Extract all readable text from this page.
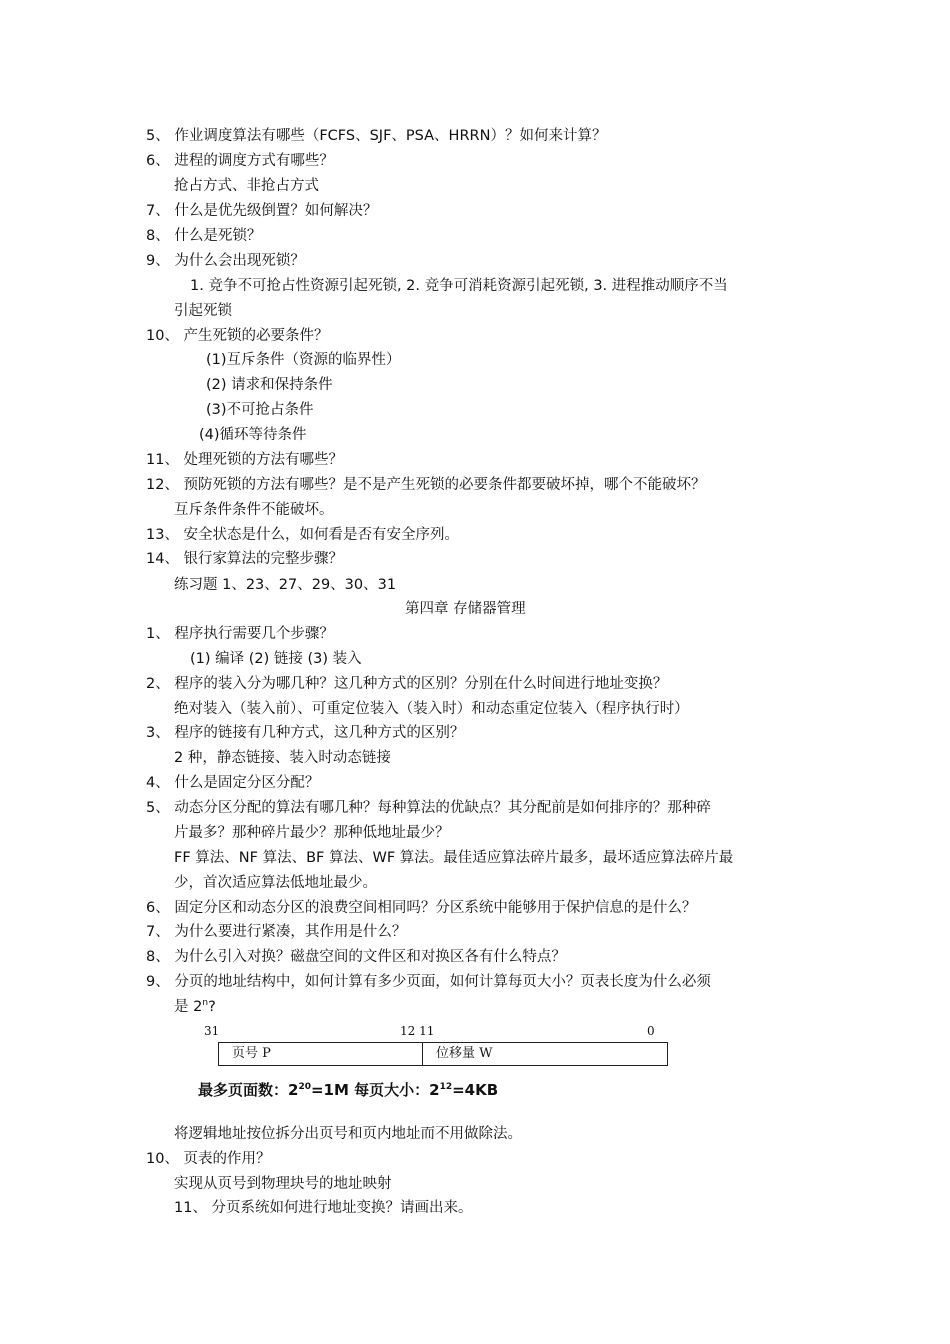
5、 作业调度算法有哪些（FCFS、SJF、PSA、HRRN）？如何来计算？
6、 进程的调度方式有哪些？
抢占方式、非抢占方式
7、 什么是优先级倒置？如何解决？
8、 什么是死锁？
9、 为什么会出现死锁？
1. 竞争不可抢占性资源引起死锁, 2. 竞争可消耗资源引起死锁, 3. 进程推动顺序不当
引起死锁
10、 产生死锁的必要条件？
(1)互斥条件（资源的临界性）
(2) 请求和保持条件
(3)不可抢占条件
(4)循环等待条件
11、 处理死锁的方法有哪些？
12、 预防死锁的方法有哪些？是不是产生死锁的必要条件都要破坏掉，哪个不能破坏？
互斥条件条件不能破坏。
13、 安全状态是什么，如何看是否有安全序列。
14、 银行家算法的完整步骤？
练习题 1、23、27、29、30、31
1、 程序执行需要几个步骤？
(1) 编译 (2) 链接 (3) 装入
2、 程序的装入分为哪几种？这几种方式的区别？分别在什么时间进行地址变换？
绝对装入（装入前）、可重定位装入（装入时）和动态重定位装入（程序执行时）
3、 程序的链接有几种方式，这几种方式的区别？
2 种，静态链接、装入时动态链接
4、 什么是固定分区分配？
5、 动态分区分配的算法有哪几种？每种算法的优缺点？其分配前是如何排序的？那种碎
片最多？那种碎片最少？那种低地址最少？
FF 算法、NF 算法、BF 算法、WF 算法。最佳适应算法碎片最多，最坏适应算法碎片最
少，首次适应算法低地址最少。
6、 固定分区和动态分区的浪费空间相同吗？分区系统中能够用于保护信息的是什么？
7、 为什么要进行紧凑，其作用是什么？
8、 为什么引入对换？磁盘空间的文件区和对换区各有什么特点？
9、 分页的地址结构中，如何计算有多少页面，如何计算每页大小？页表长度为什么必须
将逻辑地址按位拆分出页号和页内地址而不用做除法。
10、 页表的作用？
实现从页号到物理块号的地址映射
11、 分页系统如何进行地址变换？请画出来。
第四章 存储器管理
是 2$^n$?
31	12 11	0
页号 P	位移量 W
最多页面数：$2^{20}=1M$ 每页大小：$2^{12}=4KB$
